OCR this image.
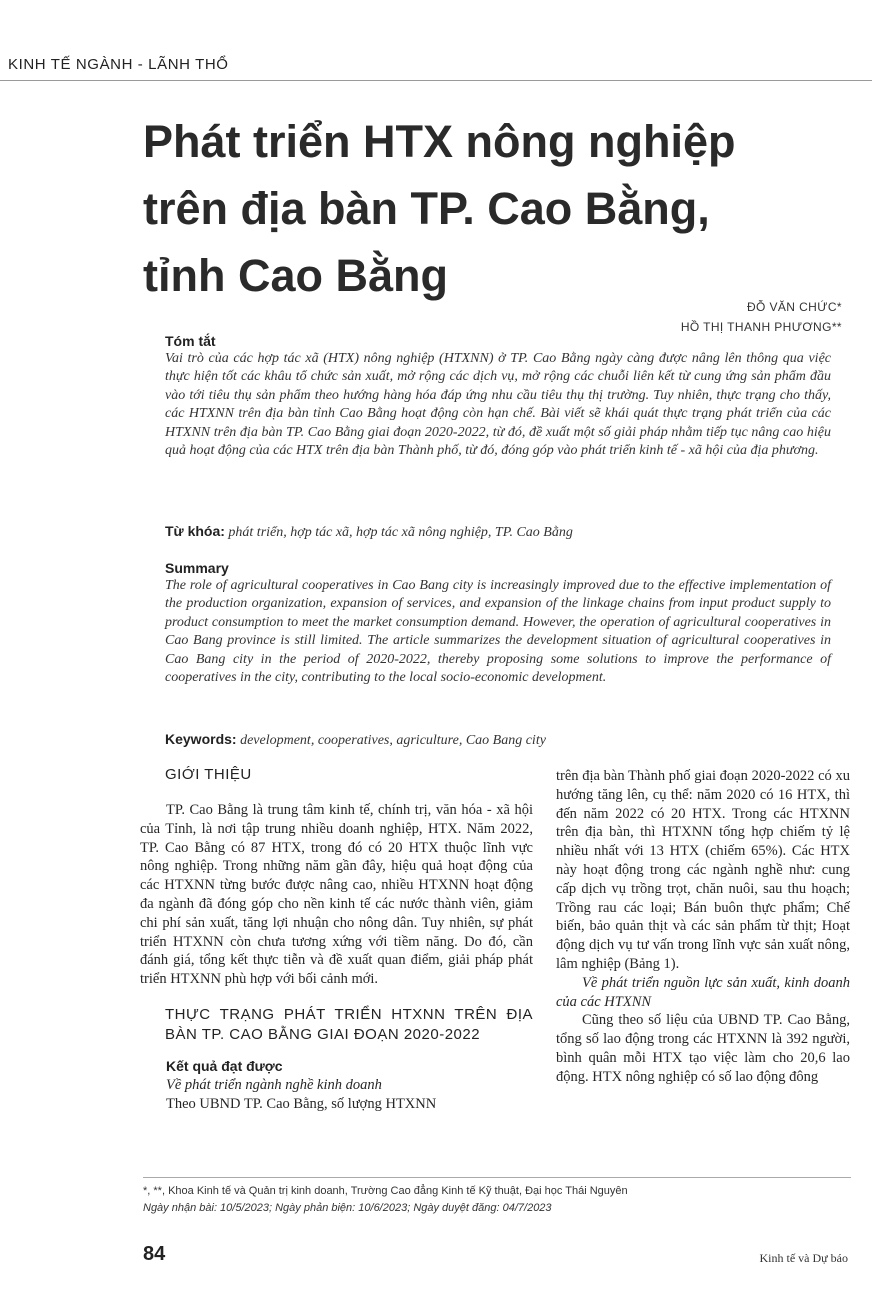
KINH TẾ NGÀNH - LÃNH THỔ
Phát triển HTX nông nghiệp
trên địa bàn TP. Cao Bằng,
tỉnh Cao Bằng
ĐỖ VĂN CHỨC*
HỒ THỊ THANH PHƯƠNG**
Tóm tắt
Vai trò của các hợp tác xã (HTX) nông nghiệp (HTXNN) ở TP. Cao Bằng ngày càng được nâng lên thông qua việc thực hiện tốt các khâu tổ chức sản xuất, mở rộng các dịch vụ, mở rộng các chuỗi liên kết từ cung ứng sản phẩm đầu vào tới tiêu thụ sản phẩm theo hướng hàng hóa đáp ứng nhu cầu tiêu thụ thị trường. Tuy nhiên, thực trạng cho thấy, các HTXNN trên địa bàn tỉnh Cao Bằng hoạt động còn hạn chế. Bài viết sẽ khái quát thực trạng phát triển của các HTXNN trên địa bàn TP. Cao Bằng giai đoạn 2020-2022, từ đó, đề xuất một số giải pháp nhằm tiếp tục nâng cao hiệu quả hoạt động của các HTX trên địa bàn Thành phố, từ đó, đóng góp vào phát triển kinh tế - xã hội của địa phương.
Từ khóa: phát triển, hợp tác xã, hợp tác xã nông nghiệp, TP. Cao Bằng
Summary
The role of agricultural cooperatives in Cao Bang city is increasingly improved due to the effective implementation of the production organization, expansion of services, and expansion of the linkage chains from input product supply to product consumption to meet the market consumption demand. However, the operation of agricultural cooperatives in Cao Bang province is still limited. The article summarizes the development situation of agricultural cooperatives in Cao Bang city in the period of 2020-2022, thereby proposing some solutions to improve the performance of cooperatives in the city, contributing to the local socio-economic development.
Keywords: development, cooperatives, agriculture, Cao Bang city
GIỚI THIỆU

TP. Cao Bằng là trung tâm kinh tế, chính trị, văn hóa - xã hội của Tỉnh, là nơi tập trung nhiều doanh nghiệp, HTX. Năm 2022, TP. Cao Bằng có 87 HTX, trong đó có 20 HTX thuộc lĩnh vực nông nghiệp. Trong những năm gần đây, hiệu quả hoạt động của các HTXNN từng bước được nâng cao, nhiều HTXNN hoạt động đa ngành đã đóng góp cho nền kinh tế các nước thành viên, giảm chi phí sản xuất, tăng lợi nhuận cho nông dân. Tuy nhiên, sự phát triển HTXNN còn chưa tương xứng với tiềm năng. Do đó, cần đánh giá, tổng kết thực tiễn và đề xuất quan điểm, giải pháp phát triển HTXNN phù hợp với bối cảnh mới.

THỰC TRẠNG PHÁT TRIỂN HTXNN TRÊN ĐỊA BÀN TP. CAO BẰNG GIAI ĐOẠN 2020-2022
Kết quả đạt được
Về phát triển ngành nghề kinh doanh

Theo UBND TP. Cao Bằng, số lượng HTXNN

trên địa bàn Thành phố giai đoạn 2020-2022 có xu hướng tăng lên, cụ thể: năm 2020 có 16 HTX, thì đến năm 2022 có 20 HTX. Trong các HTXNN trên địa bàn, thì HTXNN tổng hợp chiếm tỷ lệ nhiều nhất với 13 HTX (chiếm 65%). Các HTX này hoạt động trong các ngành nghề như: cung cấp dịch vụ trồng trọt, chăn nuôi, sau thu hoạch; Trồng rau các loại; Bán buôn thực phẩm; Chế biến, bảo quản thịt và các sản phẩm từ thịt; Hoạt động dịch vụ tư vấn trong lĩnh vực sản xuất nông, lâm nghiệp (Bảng 1).

Về phát triển nguồn lực sản xuất, kinh doanh của các HTXNN

Cũng theo số liệu của UBND TP. Cao Bằng, tổng số lao động trong các HTXNN là 392 người, bình quân mỗi HTX tạo việc làm cho 20,6 lao động. HTX nông nghiệp có số lao động đông

*, **, Khoa Kinh tế và Quản trị kinh doanh, Trường Cao đẳng Kinh tế Kỹ thuật, Đại học Thái Nguyên
Ngày nhận bài: 10/5/2023; Ngày phản biện: 10/6/2023; Ngày duyệt đăng: 04/7/2023
84	Kinh tế và Dự báo
